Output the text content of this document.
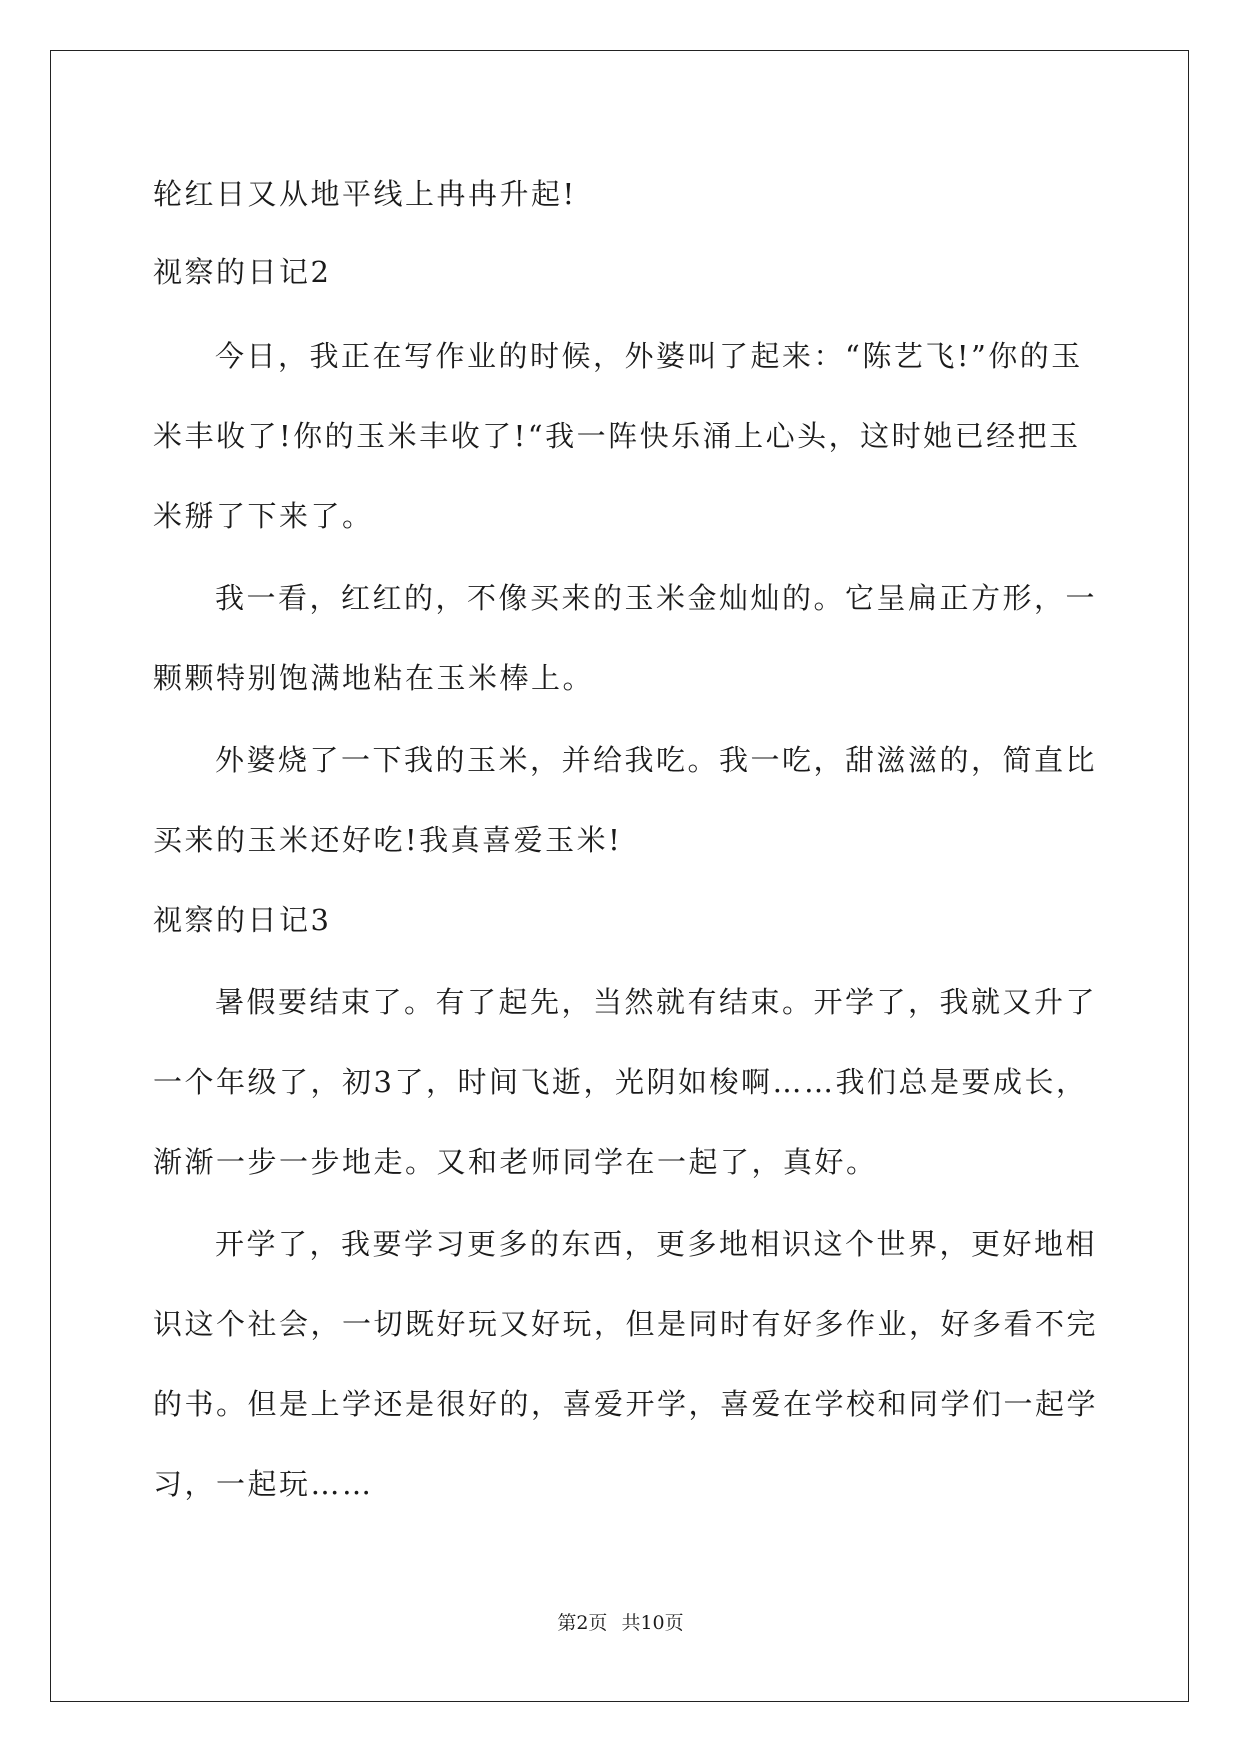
轮红日又从地平线上冉冉升起!
视察的日记2
今日，我正在写作业的时候，外婆叫了起来：“陈艺飞!”你的玉
米丰收了!你的玉米丰收了!“我一阵快乐涌上心头，这时她已经把玉
米掰了下来了。
我一看，红红的，不像买来的玉米金灿灿的。它呈扁正方形，一
颗颗特别饱满地粘在玉米棒上。
外婆烧了一下我的玉米，并给我吃。我一吃，甜滋滋的，简直比
买来的玉米还好吃!我真喜爱玉米!
视察的日记3
暑假要结束了。有了起先，当然就有结束。开学了，我就又升了
一个年级了，初3了，时间飞逝，光阴如梭啊……我们总是要成长，
渐渐一步一步地走。又和老师同学在一起了，真好。
开学了，我要学习更多的东西，更多地相识这个世界，更好地相
识这个社会，一切既好玩又好玩，但是同时有好多作业，好多看不完
的书。但是上学还是很好的，喜爱开学，喜爱在学校和同学们一起学
习，一起玩……
第2页 共10页
